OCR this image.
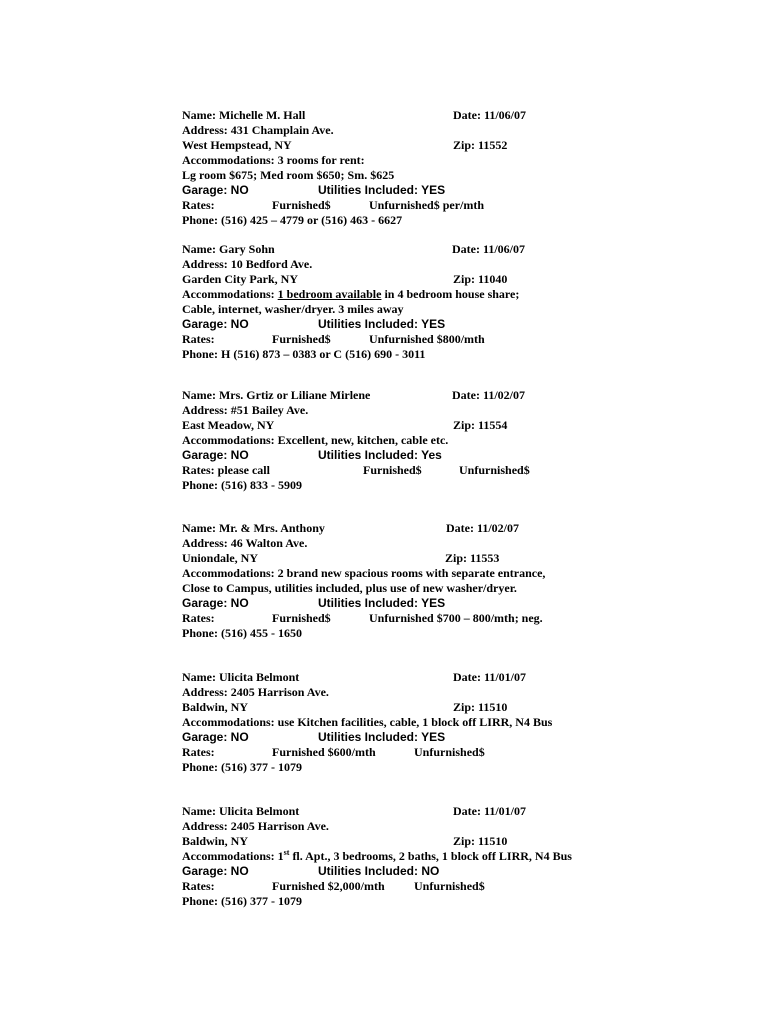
Name: Michelle M. Hall	Date: 11/06/07
Address: 431 Champlain Ave.
West Hempstead, NY	Zip: 11552
Accommodations: 3 rooms for rent:
Lg room $675; Med room $650; Sm. $625
Garage: NO	Utilities Included: YES
Rates:	Furnished$	Unfurnished$ per/mth
Phone: (516) 425 – 4779 or (516) 463 - 6627
Name: Gary Sohn	Date: 11/06/07
Address: 10 Bedford Ave.
Garden City Park, NY	Zip: 11040
Accommodations: 1 bedroom available in 4 bedroom house share;
Cable, internet, washer/dryer. 3 miles away
Garage: NO	Utilities Included: YES
Rates:	Furnished$	Unfurnished $800/mth
Phone: H (516) 873 – 0383 or C (516) 690 - 3011
Name: Mrs. Grtiz or Liliane Mirlene	Date: 11/02/07
Address: #51 Bailey Ave.
East Meadow, NY	Zip: 11554
Accommodations: Excellent, new, kitchen, cable etc.
Garage: NO	Utilities Included: Yes
Rates: please call	Furnished$	Unfurnished$
Phone: (516) 833 - 5909
Name: Mr. & Mrs. Anthony	Date: 11/02/07
Address: 46 Walton Ave.
Uniondale, NY	Zip: 11553
Accommodations: 2 brand new spacious rooms with separate entrance,
Close to Campus, utilities included, plus use of new washer/dryer.
Garage: NO	Utilities Included: YES
Rates:	Furnished$	Unfurnished $700 – 800/mth; neg.
Phone: (516) 455 - 1650
Name: Ulicita Belmont	Date: 11/01/07
Address: 2405 Harrison Ave.
Baldwin, NY	Zip: 11510
Accommodations: use Kitchen facilities, cable, 1 block off LIRR, N4 Bus
Garage: NO	Utilities Included: YES
Rates:	Furnished $600/mth	Unfurnished$
Phone: (516) 377 - 1079
Name: Ulicita Belmont	Date: 11/01/07
Address: 2405 Harrison Ave.
Baldwin, NY	Zip: 11510
Accommodations: 1st fl. Apt., 3 bedrooms, 2 baths, 1 block off LIRR, N4 Bus
Garage: NO	Utilities Included: NO
Rates:	Furnished $2,000/mth Unfurnished$
Phone: (516) 377 - 1079
